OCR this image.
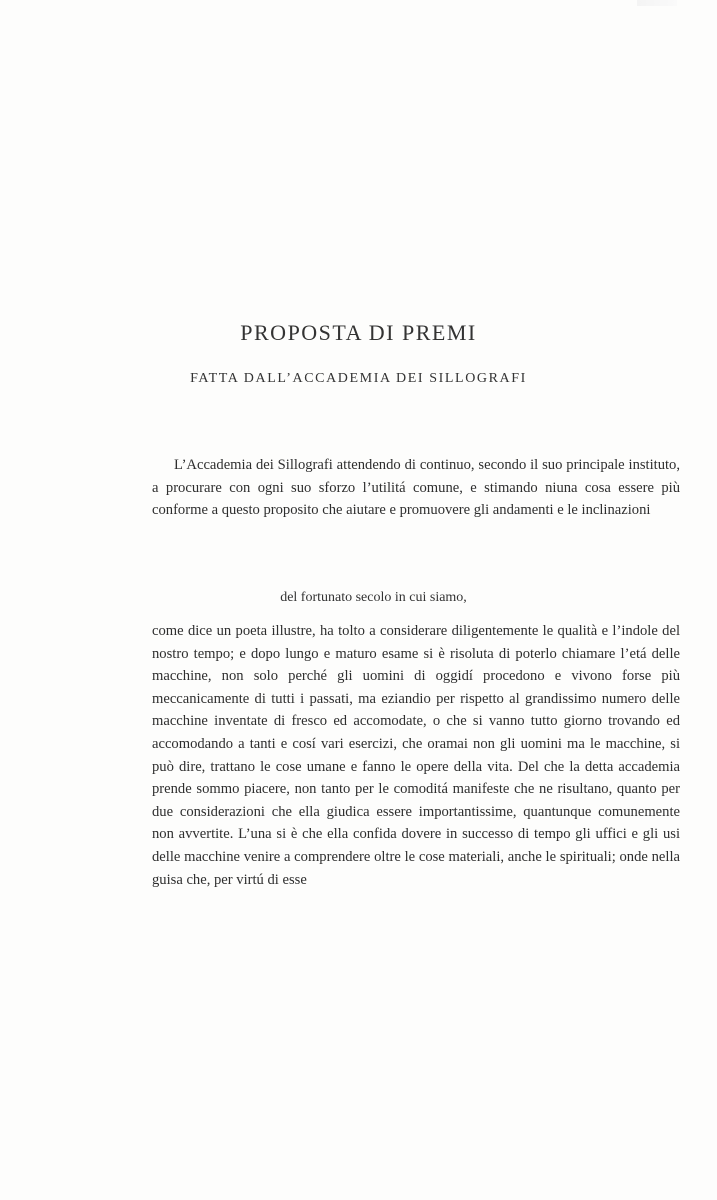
PROPOSTA DI PREMI
FATTA DALL’ACCADEMIA DEI SILLOGRAFI

L’Accademia dei Sillografi attendendo di continuo, secondo il suo principale instituto, a procurare con ogni suo sforzo l’utilitá comune, e stimando niuna cosa essere più conforme a questo proposito che aiutare e promuovere gli andamenti e le inclinazioni

del fortunato secolo in cui siamo,

come dice un poeta illustre, ha tolto a considerare diligentemente le qualità e l’indole del nostro tempo; e dopo lungo e maturo esame si è risoluta di poterlo chiamare l’etá delle macchine, non solo perché gli uomini di oggidí procedono e vivono forse più meccanicamente di tutti i passati, ma eziandio per rispetto al grandissimo numero delle macchine inventate di fresco ed accomodate, o che si vanno tutto giorno trovando ed accomodando a tanti e cosí vari esercizi, che oramai non gli uomini ma le macchine, si può dire, trattano le cose umane e fanno le opere della vita. Del che la detta accademia prende sommo piacere, non tanto per le comoditá manifeste che ne risultano, quanto per due considerazioni che ella giudica essere importantissime, quantunque comunemente non avvertite. L’una si è che ella confida dovere in successo di tempo gli uffici e gli usi delle macchine venire a comprendere oltre le cose materiali, anche le spirituali; onde nella guisa che, per virtú di esse
